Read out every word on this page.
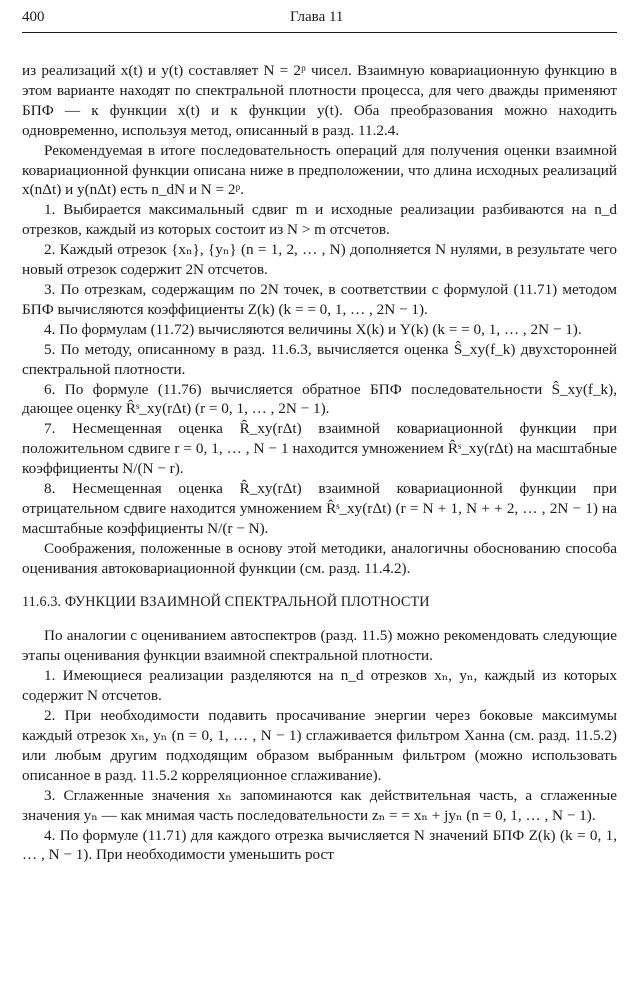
400	Глава 11

из реализаций x(t) и y(t) составляет N = 2ᵖ чисел. Взаимную ковариационную функцию в этом варианте находят по спектральной плотности процесса, для чего дважды применяют БПФ — к функции x(t) и к функции y(t). Оба преобразования можно находить одновременно, используя метод, описанный в разд. 11.2.4.

Рекомендуемая в итоге последовательность операций для получения оценки взаимной ковариационной функции описана ниже в предположении, что длина исходных реализаций x(nΔt) и y(nΔt) есть n_dN и N = 2ᵖ.

1. Выбирается максимальный сдвиг m и исходные реализации разбиваются на n_d отрезков, каждый из которых состоит из N > m отсчетов.

2. Каждый отрезок {xₙ}, {yₙ} (n = 1, 2, … , N) дополняется N нулями, в результате чего новый отрезок содержит 2N отсчетов.

3. По отрезкам, содержащим по 2N точек, в соответствии с формулой (11.71) методом БПФ вычисляются коэффициенты Z(k) (k = = 0, 1, … , 2N − 1).

4. По формулам (11.72) вычисляются величины X(k) и Y(k) (k = = 0, 1, … , 2N − 1).

5. По методу, описанному в разд. 11.6.3, вычисляется оценка Ŝ_xy(f_k) двухсторонней спектральной плотности.

6. По формуле (11.76) вычисляется обратное БПФ последовательности Ŝ_xy(f_k), дающее оценку R̂ˢ_xy(rΔt) (r = 0, 1, … , 2N − 1).

7. Несмещенная оценка R̂_xy(rΔt) взаимной ковариационной функции при положительном сдвиге r = 0, 1, … , N − 1 находится умножением R̂ˢ_xy(rΔt) на масштабные коэффициенты N/(N − r).

8. Несмещенная оценка R̂_xy(rΔt) взаимной ковариационной функции при отрицательном сдвиге находится умножением R̂ˢ_xy(rΔt) (r = N + 1, N + + 2, … , 2N − 1) на масштабные коэффициенты N/(r − N).

Соображения, положенные в основу этой методики, аналогичны обоснованию способа оценивания автоковариационной функции (см. разд. 11.4.2).

11.6.3. ФУНКЦИИ ВЗАИМНОЙ СПЕКТРАЛЬНОЙ ПЛОТНОСТИ

По аналогии с оцениванием автоспектров (разд. 11.5) можно рекомендовать следующие этапы оценивания функции взаимной спектральной плотности.

1. Имеющиеся реализации разделяются на n_d отрезков xₙ, yₙ, каждый из которых содержит N отсчетов.

2. При необходимости подавить просачивание энергии через боковые максимумы каждый отрезок xₙ, yₙ (n = 0, 1, … , N − 1) сглаживается фильтром Ханна (см. разд. 11.5.2) или любым другим подходящим образом выбранным фильтром (можно использовать описанное в разд. 11.5.2 корреляционное сглаживание).

3. Сглаженные значения xₙ запоминаются как действительная часть, а сглаженные значения yₙ — как мнимая часть последовательности zₙ = = xₙ + jyₙ (n = 0, 1, … , N − 1).

4. По формуле (11.71) для каждого отрезка вычисляется N значений БПФ Z(k) (k = 0, 1, … , N − 1). При необходимости уменьшить рост
